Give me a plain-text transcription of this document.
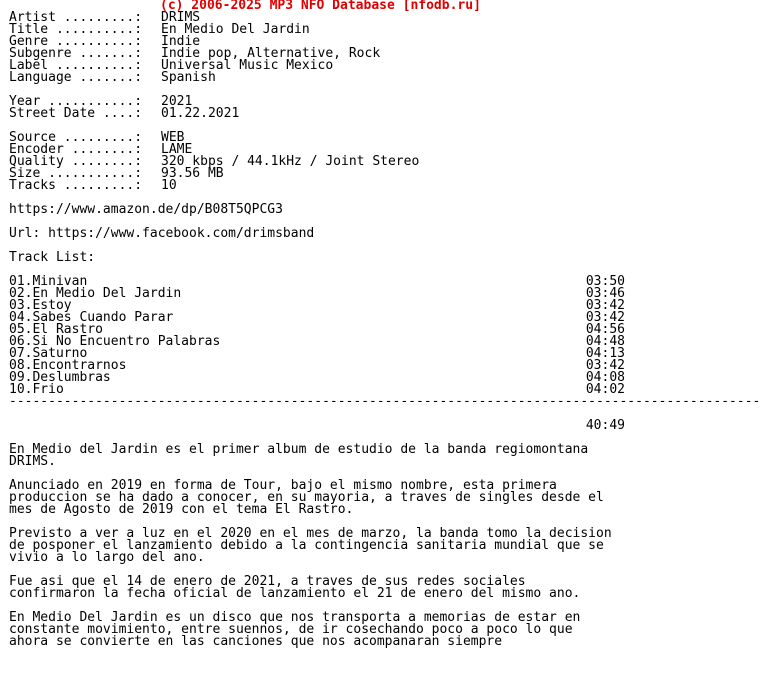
(c) 2006-2025 MP3 NFO Database [nfodb.ru]
Artist .........:	DRIMS
Title ..........:	En Medio Del Jardin
Genre ..........:	Indie
Subgenre .......:	Indie pop, Alternative, Rock
Label ..........:	Universal Music Mexico
Language .......:	Spanish
Year ...........:	2021
Street Date ....:	01.22.2021
Source .........:	WEB
Encoder ........:	LAME
Quality ........:	320 kbps / 44.1kHz / Joint Stereo
Size ...........:	93.56 MB
Tracks .........:	10
https://www.amazon.de/dp/B08T5QPCG3
Url: https://www.facebook.com/drimsband
Track List:
01.Minivan	03:50
02.En Medio Del Jardin	03:46
03.Estoy	03:42
04.Sabes Cuando Parar	03:42
05.El Rastro	04:56
06.Si No Encuentro Palabras	04:48
07.Saturno	04:13
08.Encontrarnos	03:42
09.Deslumbras	04:08
10.Frio	04:02
------------------------------------------------------------------------------------------------
40:49
En Medio del Jardin es el primer album de estudio de la banda regiomontana
DRIMS.
Anunciado en 2019 en forma de Tour, bajo el mismo nombre, esta primera
produccion se ha dado a conocer, en su mayoria, a traves de singles desde el
mes de Agosto de 2019 con el tema El Rastro.
Previsto a ver a luz en el 2020 en el mes de marzo, la banda tomo la decision
de posponer el lanzamiento debido a la contingencia sanitaria mundial que se
vivio a lo largo del ano.
Fue asi que el 14 de enero de 2021, a traves de sus redes sociales
confirmaron la fecha oficial de lanzamiento el 21 de enero del mismo ano.
En Medio Del Jardin es un disco que nos transporta a memorias de estar en
constante movimiento, entre suennos, de ir cosechando poco a poco lo que
ahora se convierte en las canciones que nos acompanaran siempre
